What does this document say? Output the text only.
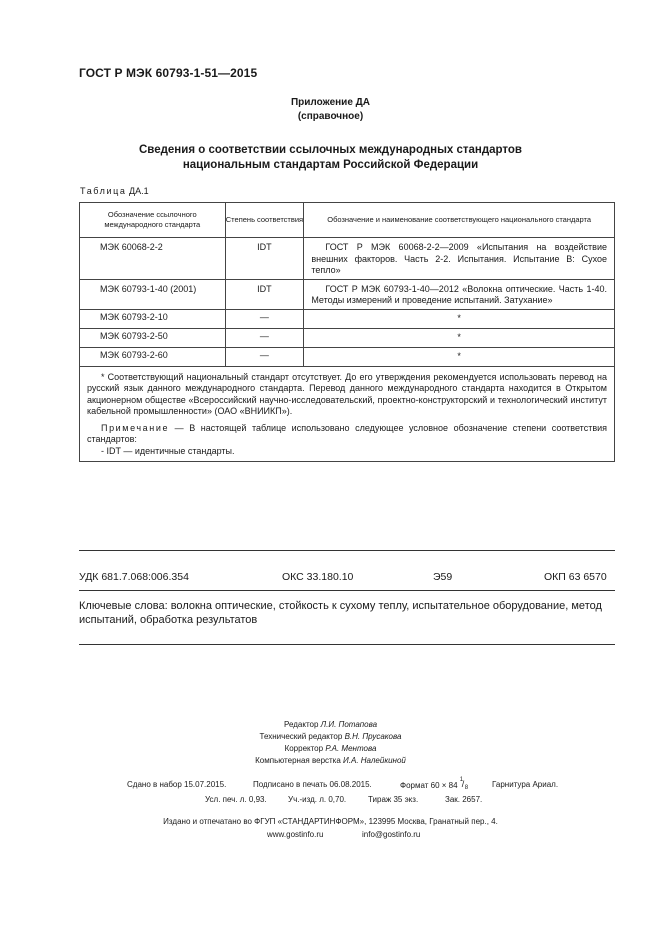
ГОСТ Р МЭК 60793-1-51—2015
Приложение ДА
(справочное)
Сведения о соответствии ссылочных международных стандартов
национальным стандартам Российской Федерации
Таблица ДА.1
Обозначение ссылочного международного стандарта	Степень соответствия	Обозначение и наименование соответствующего национального стандарта
МЭК 60068-2-2	IDT	ГОСТ Р МЭК 60068-2-2—2009 «Испытания на воздействие внешних факторов. Часть 2-2. Испытания. Испытание В: Сухое тепло»

МЭК 60793-1-40 (2001)	IDT	ГОСТ Р МЭК 60793-1-40—2012 «Волокна оптические. Часть 1-40. Методы измерений и проведение испытаний. Затухание»

МЭК 60793-2-10	—	*
МЭК 60793-2-50	—	*
МЭК 60793-2-60	—	*

* Соответствующий национальный стандарт отсутствует. До его утверждения рекомендуется использовать перевод на русский язык данного международного стандарта. Перевод данного международного стандарта находится в Открытом акционерном обществе «Всероссийский научно-исследовательский, проектно-конструкторский и технологический институт кабельной промышленности» (ОАО «ВНИИКП»).

Примечание — В настоящей таблице использовано следующее условное обозначение степени соответствия стандартов:

- IDT — идентичные стандарты.		

УДК 681.7.068:006.354	ОКС 33.180.10	Э59	ОКП 63 6570
Ключевые слова: волокна оптические, стойкость к сухому теплу, испытательное оборудование, метод испытаний, обработка результатов
Редактор Л.И. Потапова
Технический редактор В.Н. Прусакова
Корректор Р.А. Ментова
Компьютерная верстка И.А. Налейкиной
Сдано в набор 15.07.2015.	Подписано в печать 06.08.2015.	Формат 60 × 84
1
/ 8	Гарнитура Ариал.
Усл. печ. л. 0,93.	Уч.-изд. л. 0,70.	Тираж 35 экз.	Зак. 2657.
Издано и отпечатано во ФГУП «СТАНДАРТИНФОРМ», 123995 Москва, Гранатный пер., 4.
www.gostinfo.ru	info@gostinfo.ru
